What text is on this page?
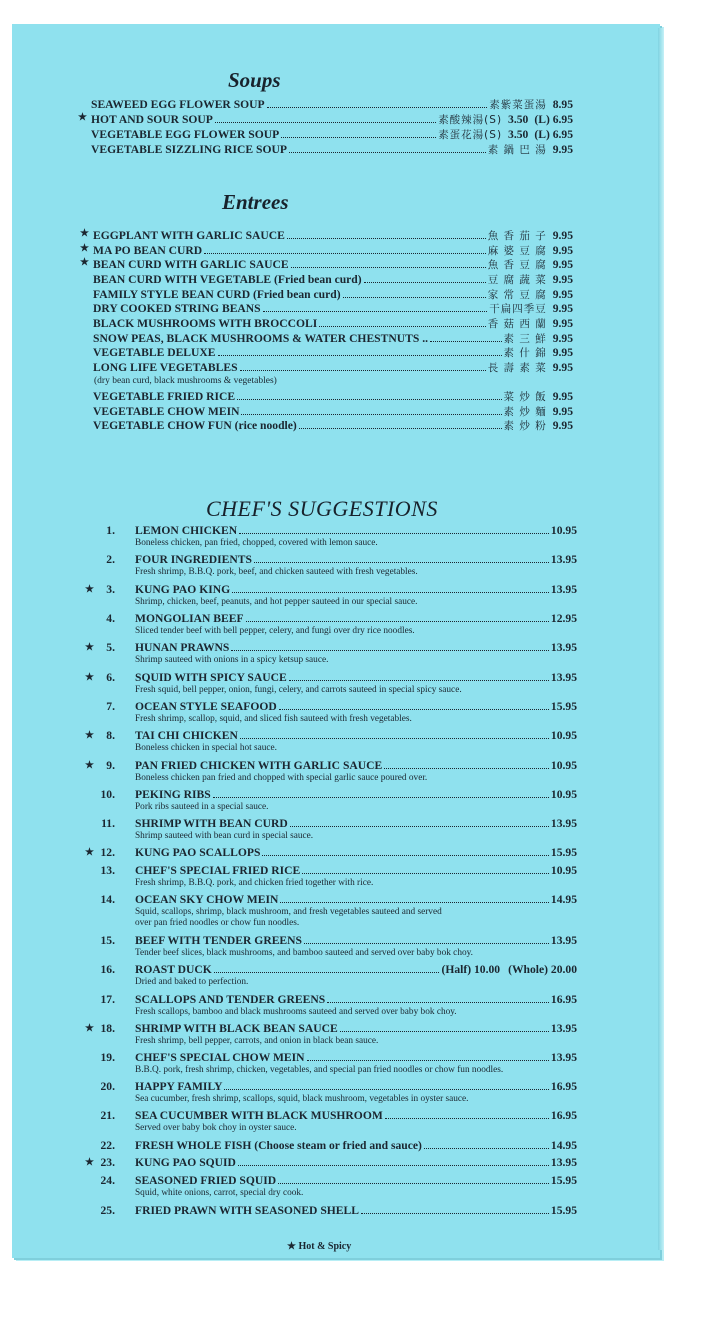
Soups
SEAWEED EGG FLOWER SOUP	素紫菜蛋湯 8.95
★ HOT AND SOUR SOUP	素酸辣湯(S) 3.50 (L) 6.95
VEGETABLE EGG FLOWER SOUP	素蛋花湯(S) 3.50 (L) 6.95
VEGETABLE SIZZLING RICE SOUP	素 鍋 巴 湯 9.95
Entrees
★ EGGPLANT WITH GARLIC SAUCE	魚 香 茄 子 9.95
★ MA PO BEAN CURD	麻 婆 豆 腐 9.95
★ BEAN CURD WITH GARLIC SAUCE	魚 香 豆 腐 9.95
BEAN CURD WITH VEGETABLE (Fried bean curd)	豆 腐 蔬 菜 9.95
FAMILY STYLE BEAN CURD (Fried bean curd)	家 常 豆 腐 9.95
DRY COOKED STRING BEANS	干扁四季豆 9.95
BLACK MUSHROOMS WITH BROCCOLI	香 菇 西 蘭 9.95
SNOW PEAS, BLACK MUSHROOMS & WATER CHESTNUTS ..	素 三 鮮 9.95
VEGETABLE DELUXE	素 什 錦 9.95
LONG LIFE VEGETABLES	長 壽 素 菜 9.95
VEGETABLE FRIED RICE	菜 炒 飯 9.95
VEGETABLE CHOW MEIN	素 炒 麵 9.95
VEGETABLE CHOW FUN (rice noodle)	素 炒 粉 9.95
(dry bean curd, black mushrooms & vegetables)
CHEF'S SUGGESTIONS
1. LEMON CHICKEN	10.95
Boneless chicken, pan fried, chopped, covered with lemon sauce.
2. FOUR INGREDIENTS	13.95
Fresh shrimp, B.B.Q. pork, beef, and chicken sauteed with fresh vegetables.
★	3. KUNG PAO KING	13.95
Shrimp, chicken, beef, peanuts, and hot pepper sauteed in our special sauce.
4. MONGOLIAN BEEF	12.95
Sliced tender beef with bell pepper, celery, and fungi over dry rice noodles.
★	5. HUNAN PRAWNS	13.95
Shrimp sauteed with onions in a spicy ketsup sauce.
★	6. SQUID WITH SPICY SAUCE	13.95
Fresh squid, bell pepper, onion, fungi, celery, and carrots sauteed in special spicy sauce.
7. OCEAN STYLE SEAFOOD	15.95
Fresh shrimp, scallop, squid, and sliced fish sauteed with fresh vegetables.
★	8. TAI CHI CHICKEN	10.95
Boneless chicken in special hot sauce.
★	9. PAN FRIED CHICKEN WITH GARLIC SAUCE	10.95
Boneless chicken pan fried and chopped with special garlic sauce poured over.
10. PEKING RIBS	10.95
Pork ribs sauteed in a special sauce.
11. SHRIMP WITH BEAN CURD	13.95
Shrimp sauteed with bean curd in special sauce.
★ 12. KUNG PAO SCALLOPS	15.95
13. CHEF'S SPECIAL FRIED RICE	10.95
Fresh shrimp, B.B.Q. pork, and chicken fried together with rice.
14. OCEAN SKY CHOW MEIN	14.95
Squid, scallops, shrimp, black mushroom, and fresh vegetables sauteed and served
over pan fried noodles or chow fun noodles.
15. BEEF WITH TENDER GREENS	13.95
Tender beef slices, black mushrooms, and bamboo sauteed and served over baby bok choy.
16. ROAST DUCK	(Half) 10.00 (Whole) 20.00
Dried and baked to perfection.
17. SCALLOPS AND TENDER GREENS	16.95
Fresh scallops, bamboo and black mushrooms sauteed and served over baby bok choy.
★ 18. SHRIMP WITH BLACK BEAN SAUCE	13.95
Fresh shrimp, bell pepper, carrots, and onion in black bean sauce.
19. CHEF'S SPECIAL CHOW MEIN	13.95
B.B.Q. pork, fresh shrimp, chicken, vegetables, and special pan fried noodles or chow fun noodles.
20. HAPPY FAMILY	16.95
Sea cucumber, fresh shrimp, scallops, squid, black mushroom, vegetables in oyster sauce.
21. SEA CUCUMBER WITH BLACK MUSHROOM	16.95
Served over baby bok choy in oyster sauce.
22. FRESH WHOLE FISH (Choose steam or fried and sauce)	14.95
★ 23. KUNG PAO SQUID	13.95
24. SEASONED FRIED SQUID	15.95
Squid, white onions, carrot, special dry cook.
25. FRIED PRAWN WITH SEASONED SHELL	15.95
★ Hot & Spicy
